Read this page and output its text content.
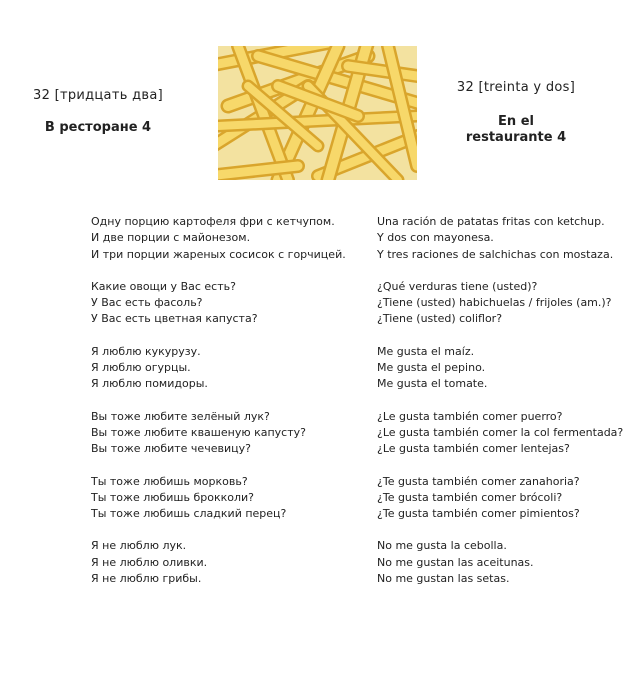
32 [тридцать два]
В ресторане 4
32 [treinta y dos]
En el
restaurante 4
Одну порцию картофеля фри с кетчупом.	Una ración de patatas fritas con ketchup.
И две порции с майонезом.	Y dos con mayonesa.
И три порции жареных сосисок с горчицей.	Y tres raciones de salchichas con mostaza.
Какие овощи у Вас есть?	¿Qué verduras tiene (usted)?
У Вас есть фасоль?	¿Tiene (usted) habichuelas / frijoles (am.)?
У Вас есть цветная капуста?	¿Tiene (usted) coliflor?
Я люблю кукурузу.	Me gusta el maíz.
Я люблю огурцы.	Me gusta el pepino.
Я люблю помидоры.	Me gusta el tomate.
Вы тоже любите зелёный лук?	¿Le gusta también comer puerro?
Вы тоже любите квашеную капусту?	¿Le gusta también comer la col fermentada?
Вы тоже любите чечевицу?	¿Le gusta también comer lentejas?
Ты тоже любишь морковь?	¿Te gusta también comer zanahoria?
Ты тоже любишь брокколи?	¿Te gusta también comer brócoli?
Ты тоже любишь сладкий перец?	¿Te gusta también comer pimientos?
Я не люблю лук.	No me gusta la cebolla.
Я не люблю оливки.	No me gustan las aceitunas.
Я не люблю грибы.	No me gustan las setas.
